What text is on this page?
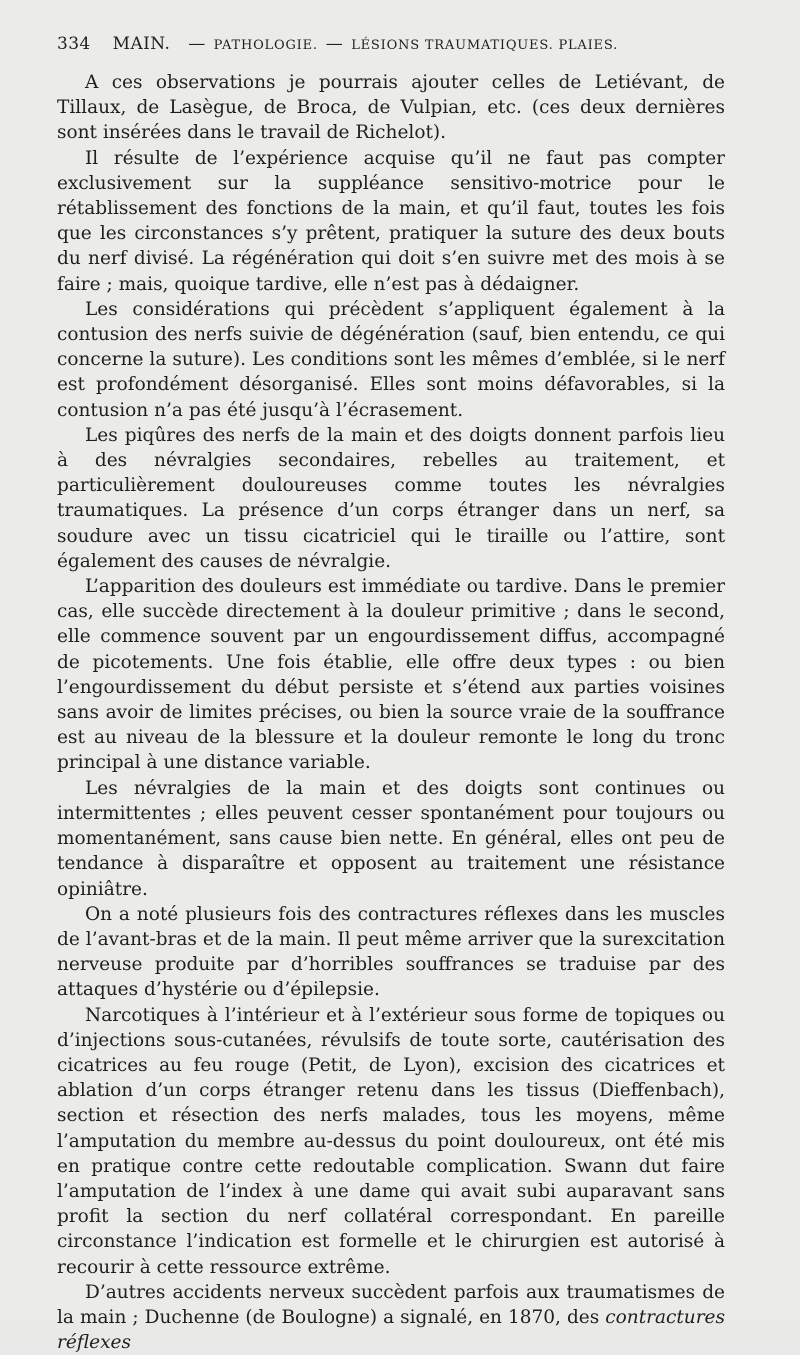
334 MAIN. — PATHOLOGIE. — LÉSIONS TRAUMATIQUES. PLAIES.

A ces observations je pourrais ajouter celles de Letiévant, de Tillaux, de Lasègue, de Broca, de Vulpian, etc. (ces deux dernières sont insérées dans le travail de Richelot).

Il résulte de l’expérience acquise qu’il ne faut pas compter exclusivement sur la suppléance sensitivo-motrice pour le rétablissement des fonctions de la main, et qu’il faut, toutes les fois que les circonstances s’y prêtent, pratiquer la suture des deux bouts du nerf divisé. La régénération qui doit s’en suivre met des mois à se faire ; mais, quoique tardive, elle n’est pas à dédaigner.

Les considérations qui précèdent s’appliquent également à la contusion des nerfs suivie de dégénération (sauf, bien entendu, ce qui concerne la suture). Les conditions sont les mêmes d’emblée, si le nerf est profondément désorganisé. Elles sont moins défavorables, si la contusion n’a pas été jusqu’à l’écrasement.

Les piqûres des nerfs de la main et des doigts donnent parfois lieu à des névralgies secondaires, rebelles au traitement, et particulièrement douloureuses comme toutes les névralgies traumatiques. La présence d’un corps étranger dans un nerf, sa soudure avec un tissu cicatriciel qui le tiraille ou l’attire, sont également des causes de névralgie.

L’apparition des douleurs est immédiate ou tardive. Dans le premier cas, elle succède directement à la douleur primitive ; dans le second, elle commence souvent par un engourdissement diffus, accompagné de picotements. Une fois établie, elle offre deux types : ou bien l’engourdissement du début persiste et s’étend aux parties voisines sans avoir de limites précises, ou bien la source vraie de la souffrance est au niveau de la blessure et la douleur remonte le long du tronc principal à une distance variable.

Les névralgies de la main et des doigts sont continues ou intermittentes ; elles peuvent cesser spontanément pour toujours ou momentanément, sans cause bien nette. En général, elles ont peu de tendance à disparaître et opposent au traitement une résistance opiniâtre.

On a noté plusieurs fois des contractures réflexes dans les muscles de l’avant-bras et de la main. Il peut même arriver que la surexcitation nerveuse produite par d’horribles souffrances se traduise par des attaques d’hystérie ou d’épilepsie.

Narcotiques à l’intérieur et à l’extérieur sous forme de topiques ou d’injections sous-cutanées, révulsifs de toute sorte, cautérisation des cicatrices au feu rouge (Petit, de Lyon), excision des cicatrices et ablation d’un corps étranger retenu dans les tissus (Dieffenbach), section et résection des nerfs malades, tous les moyens, même l’amputation du membre au-dessus du point douloureux, ont été mis en pratique contre cette redoutable complication. Swann dut faire l’amputation de l’index à une dame qui avait subi auparavant sans profit la section du nerf collatéral correspondant. En pareille circonstance l’indication est formelle et le chirurgien est autorisé à recourir à cette ressource extrême.

D’autres accidents nerveux succèdent parfois aux traumatismes de la main ; Duchenne (de Boulogne) a signalé, en 1870, des contractures réflexes
